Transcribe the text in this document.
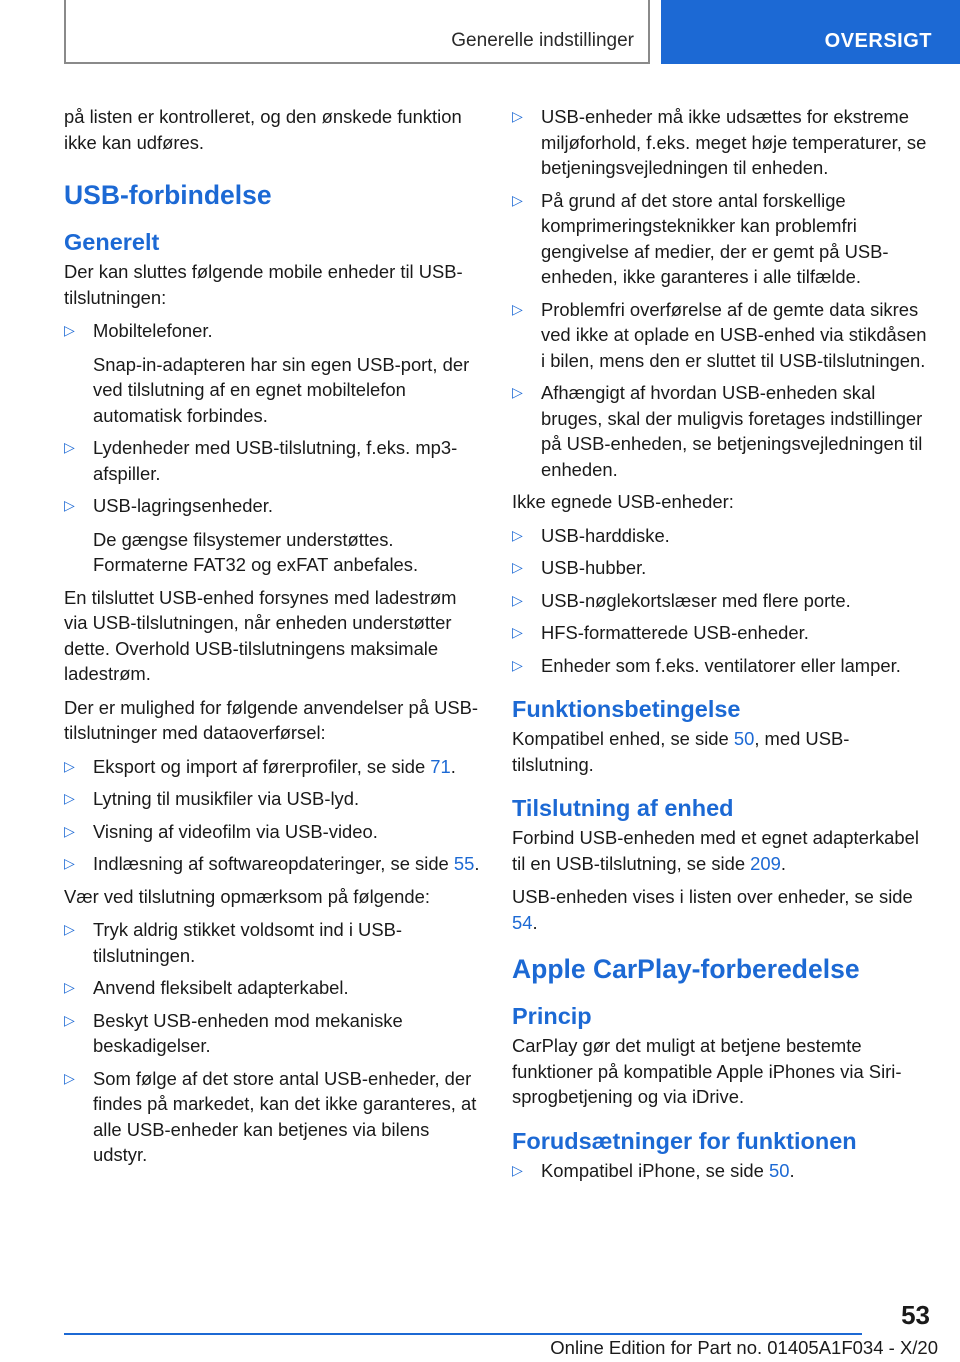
Generelle indstillinger	OVERSIGT

på listen er kontrolleret, og den ønskede funktion ikke kan udføres.

USB-forbindelse
Generelt

Der kan sluttes følgende mobile enheder til USB-tilslutningen:

▷ Mobiltelefoner.
Snap-in-adapteren har sin egen USB-port, der ved tilslutning af en egnet mobiltelefon automatisk forbindes.
▷ Lydenheder med USB-tilslutning, f.eks. mp3-afspiller.
▷ USB-lagringsenheder.
De gængse filsystemer understøttes. Formaterne FAT32 og exFAT anbefales.

En tilsluttet USB-enhed forsynes med ladestrøm via USB-tilslutningen, når enheden understøtter dette. Overhold USB-tilslutningens maksimale ladestrøm.

Der er mulighed for følgende anvendelser på USB-tilslutninger med dataoverførsel:

▷ Eksport og import af førerprofiler, se side 71.
▷ Lytning til musikfiler via USB-lyd.
▷ Visning af videofilm via USB-video.
▷ Indlæsning af softwareopdateringer, se side 55.

Vær ved tilslutning opmærksom på følgende:

▷ Tryk aldrig stikket voldsomt ind i USB-tilslutningen.
▷ Anvend fleksibelt adapterkabel.
▷ Beskyt USB-enheden mod mekaniske beskadigelser.
▷ Som følge af det store antal USB-enheder, der findes på markedet, kan det ikke garanteres, at alle USB-enheder kan betjenes via bilens udstyr.
▷ USB-enheder må ikke udsættes for ekstreme miljøforhold, f.eks. meget høje temperaturer, se betjeningsvejledningen til enheden.
▷ På grund af det store antal forskellige komprimeringsteknikker kan problemfri gengivelse af medier, der er gemt på USB-enheden, ikke garanteres i alle tilfælde.
▷ Problemfri overførelse af de gemte data sikres ved ikke at oplade en USB-enhed via stikdåsen i bilen, mens den er sluttet til USB-tilslutningen.
▷ Afhængigt af hvordan USB-enheden skal bruges, skal der muligvis foretages indstillinger på USB-enheden, se betjeningsvejledningen til enheden.

Ikke egnede USB-enheder:

▷ USB-harddiske.
▷ USB-hubber.
▷ USB-nøglekortslæser med flere porte.
▷ HFS-formatterede USB-enheder.
▷ Enheder som f.eks. ventilatorer eller lamper.
Funktionsbetingelse

Kompatibel enhed, se side 50, med USB-tilslutning.

Tilslutning af enhed

Forbind USB-enheden med et egnet adapterkabel til en USB-tilslutning, se side 209.

USB-enheden vises i listen over enheder, se side 54.

Apple CarPlay-forberedelse
Princip

CarPlay gør det muligt at betjene bestemte funktioner på kompatible Apple iPhones via Siri-sprogbetjening og via iDrive.

Forudsætninger for funktionen
▷ Kompatibel iPhone, se side 50.
53
Online Edition for Part no. 01405A1F034 - X/20
